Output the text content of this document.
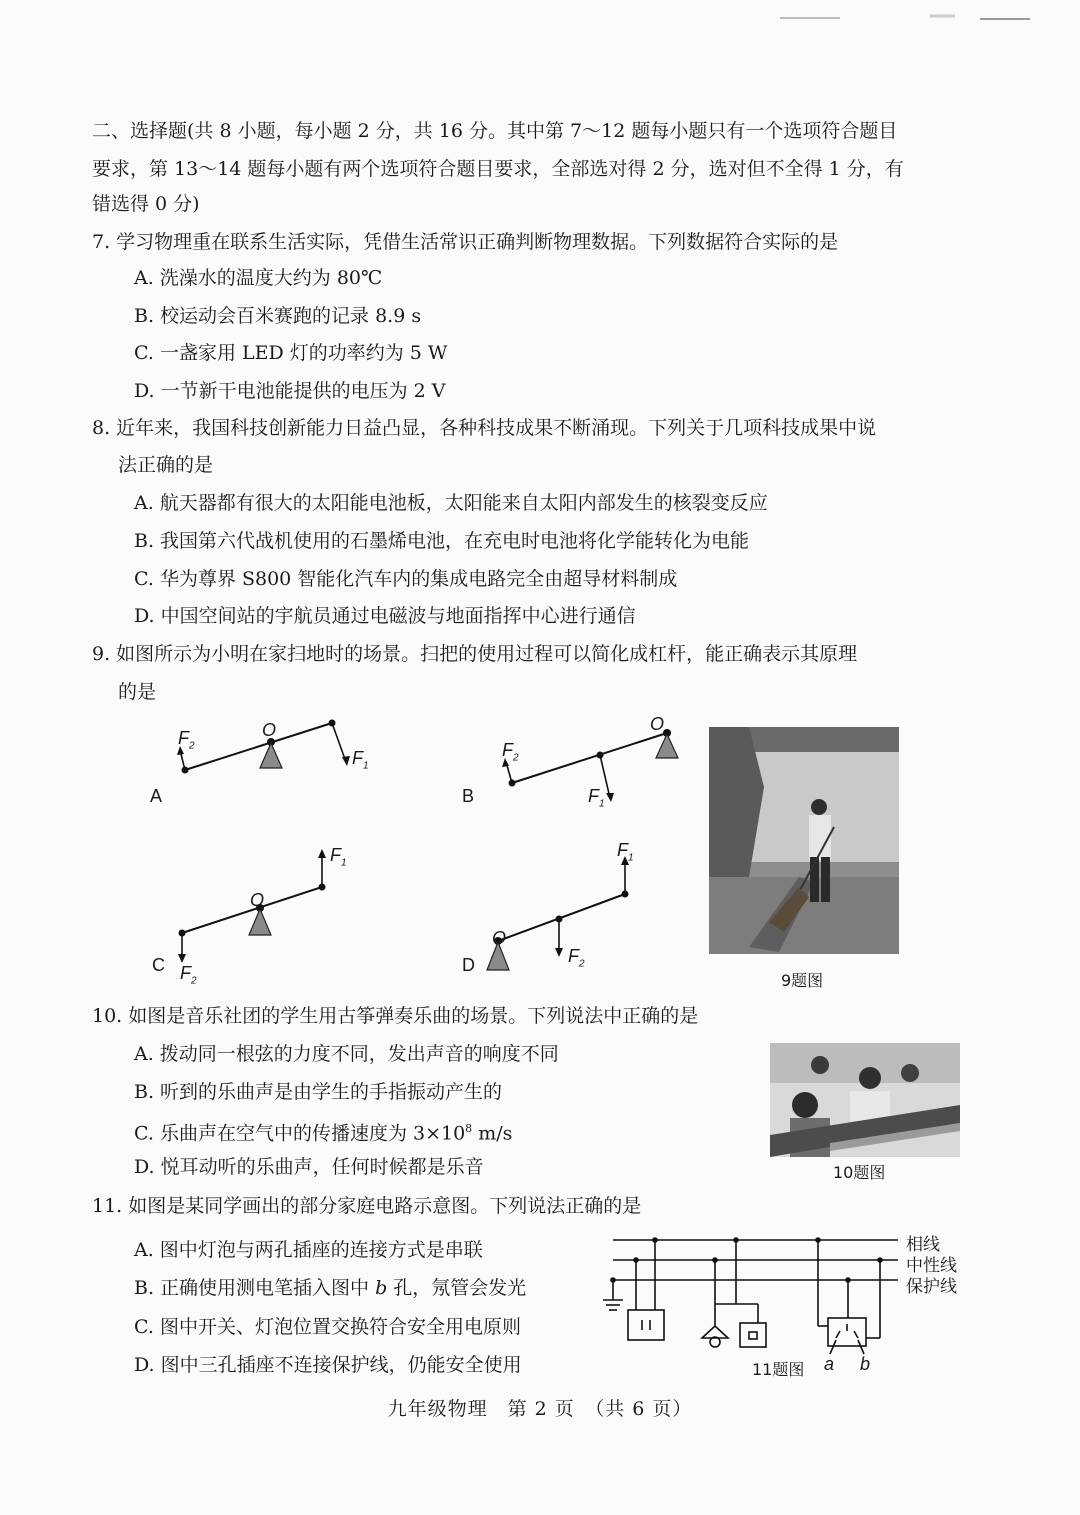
二、选择题(共 8 小题，每小题 2 分，共 16 分。其中第 7～12 题每小题只有一个选项符合题目
要求，第 13～14 题每小题有两个选项符合题目要求，全部选对得 2 分，选对但不全得 1 分，有
错选得 0 分)
7. 学习物理重在联系生活实际，凭借生活常识正确判断物理数据。下列数据符合实际的是
A. 洗澡水的温度大约为 80℃
B. 校运动会百米赛跑的记录 8.9 s
C. 一盏家用 LED 灯的功率约为 5 W
D. 一节新干电池能提供的电压为 2 V
8. 近年来，我国科技创新能力日益凸显，各种科技成果不断涌现。下列关于几项科技成果中说
法正确的是
A. 航天器都有很大的太阳能电池板，太阳能来自太阳内部发生的核裂变反应
B. 我国第六代战机使用的石墨烯电池，在充电时电池将化学能转化为电能
C. 华为尊界 S800 智能化汽车内的集成电路完全由超导材料制成
D. 中国空间站的宇航员通过电磁波与地面指挥中心进行通信
9. 如图所示为小明在家扫地时的场景。扫把的使用过程可以简化成杠杆，能正确表示其原理
的是
A
O
$F_2$
$F_1$
B
O
$F_2$
$F_1$
C
O
$F_2$
$F_1$
D
O
$F_2$
$F_1$
9题图
10. 如图是音乐社团的学生用古筝弹奏乐曲的场景。下列说法中正确的是
A. 拨动同一根弦的力度不同，发出声音的响度不同
B. 听到的乐曲声是由学生的手指振动产生的
C. 乐曲声在空气中的传播速度为 $3\times 10^8$ m/s
D. 悦耳动听的乐曲声，任何时候都是乐音	10题图
11. 如图是某同学画出的部分家庭电路示意图。下列说法正确的是
A. 图中灯泡与两孔插座的连接方式是串联
B. 正确使用测电笔插入图中 b 孔，氖管会发光
C. 图中开关、灯泡位置交换符合安全用电原则
D. 图中三孔插座不连接保护线，仍能安全使用
相线
中性线
保护线
11题图 a b
九年级物理　第 2 页　（共 6 页）
